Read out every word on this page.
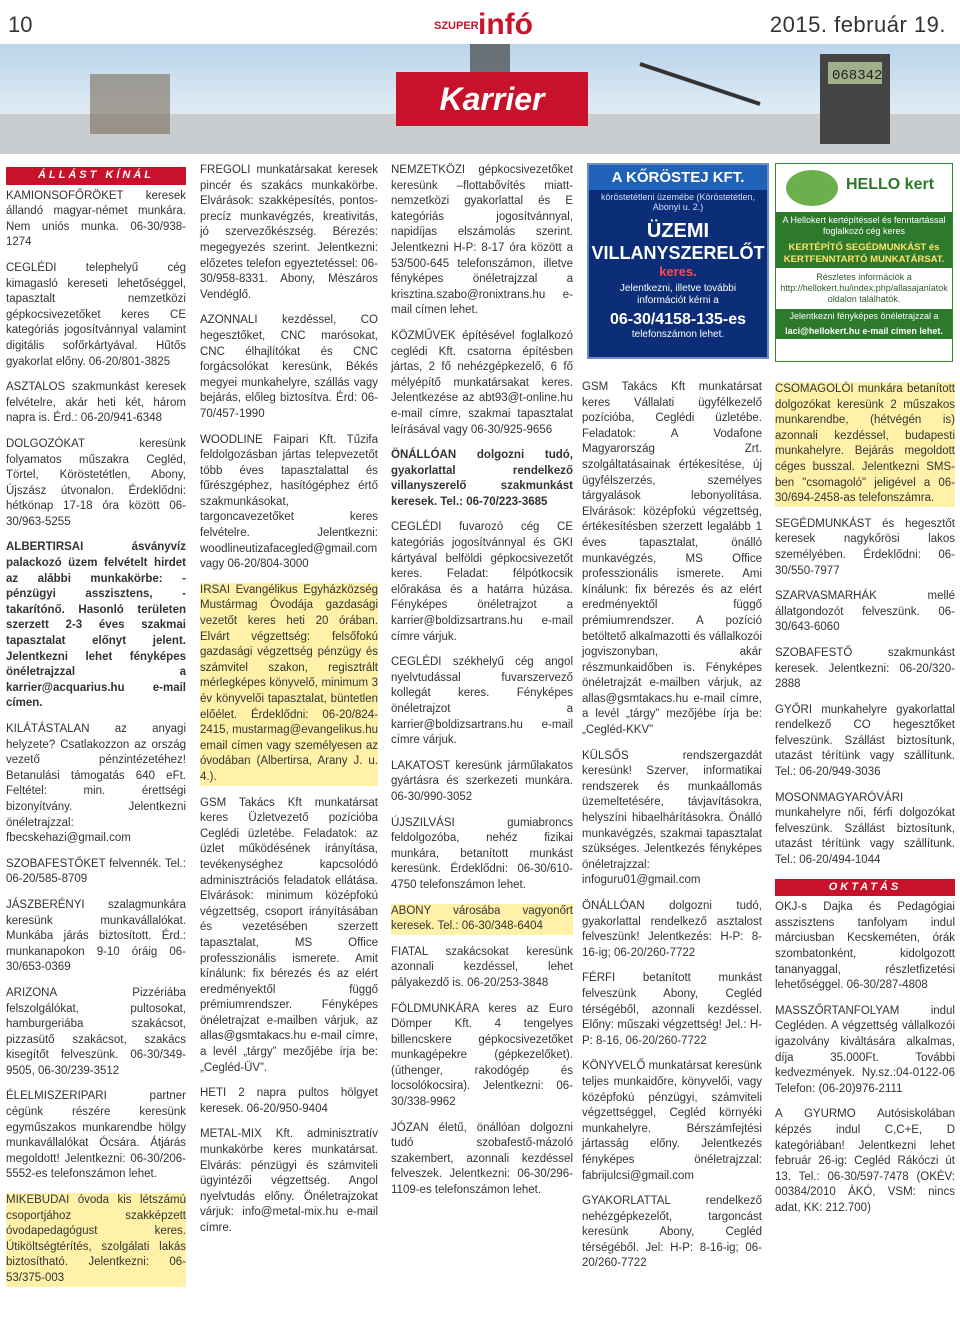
10	SZUPER infó	2015. február 19.
068342
Karrier
ÁLLÁST KÍNÁL

KAMIONSOFŐRÖKET keresek állandó magyar-német munkára. Nem uniós munka. 06-30/938-1274

CEGLÉDI telephelyű cég kimagasló kereseti lehetőséggel, tapasztalt nemzetközi gépkocsivezetőket keres CE kategóriás jogosítvánnyal valamint digitális sofőrkártyával. Hűtős gyakorlat előny. 06-20/801-3825

ASZTALOS szakmunkást keresek felvételre, akár heti két, három napra is. Érd.: 06-20/941-6348

DOLGOZÓKAT keresünk folyamatos műszakra Cegléd, Törtel, Köröstetétlen, Abony, Újszász útvonalon. Érdeklődni: hétkönap 17-18 óra között 06-30/963-5255

ALBERTIRSAI ásványvíz palackozó üzem felvételt hirdet az alábbi munkakörbe: -pénzügyi asszisztens, -takarítónő. Hasonló területen szerzett 2-3 éves szakmai tapasztalat előnyt jelent. Jelentkezni lehet fényképes önéletrajzzal a karrier@acquarius.hu e-mail címen.

KILÁTÁSTALAN az anyagi helyzete? Csatlakozzon az ország vezető pénzintézetéhez! Betanulási támogatás 640 eFt. Feltétel: min. érettségi bizonyítvány. Jelentkezni önéletrajzzal: fbecskehazi@gmail.com

SZOBAFESTŐKET felvennék. Tel.: 06-20/585-8709

JÁSZBERÉNYI szalagmunkára keresünk munkavállalókat. Munkába járás biztosított. Érd.: munkanapokon 9-10 óráig 06-30/653-0369

ARIZONA Pizzériába felszolgálókat, pultosokat, hamburgeriába szakácsot, pizzasütő szakácsot, szakács kisegítőt felveszünk. 06-30/349-9505, 06-30/239-3512

ÉLELMISZERIPARI partner cégünk részére keresünk egyműszakos munkarendbe hölgy munkavállalókat Ócsára. Átjárás megoldott! Jelentkezni: 06-30/206-5552-es telefonszámon lehet.

MIKEBUDAI óvoda kis létszámú csoportjához szakképzett óvodapedagógust keres. Útiköltségtérítés, szolgálati lakás biztosítható. Jelentkezni: 06-53/375-003

FREGOLI munkatársakat keresek pincér és szakács munkakörbe. Elvárások: szakképesítés, pontos- precíz munkavégzés, kreativitás, jó szervezőkészség. Bérezés: megegyezés szerint. Jelentkezni: előzetes telefon egyeztetéssel: 06-30/958-8331. Abony, Mészáros Vendéglő.

AZONNALI kezdéssel, CO hegesztőket, CNC marósokat, CNC élhajlítókat és CNC forgácsolókat keresünk, Békés megyei munkahelyre, szállás vagy bejárás, előleg biztosítva. Érd: 06-70/457-1990

WOODLINE Faipari Kft. Tűzifa feldolgozásban jártas telepvezetőt több éves tapasztalattal és fűrészgéphez, hasítógéphez értő szakmunkásokat, targoncavezetőket keres felvételre. Jelentkezni: woodlineutizafacegled@gmail.com vagy 06-20/804-3000

IRSAI Evangélikus Egyházközség Mustármag Óvodája gazdasági vezetőt keres heti 20 órában. Elvárt végzettség: felsőfokú gazdasági végzettség pénzügy és számvitel szakon, regisztrált mérlegképes könyvelő, minimum 3 év könyvelői tapasztalat, büntetlen előélet. Érdeklődni: 06-20/824-2415, mustarmag@evangelikus.hu email címen vagy személyesen az óvodában (Albertirsa, Arany J. u. 4.).

GSM Takács Kft munkatársat keres Üzletvezető pozícióba Ceglédi üzletébe. Feladatok: az üzlet működésének irányítása, tevékenységhez kapcsolódó adminisztrációs feladatok ellátása. Elvárások: minimum középfokú végzettség, csoport irányításában és vezetésében szerzett tapasztalat, MS Office professzionális ismerete. Amit kínálunk: fix bérezés és az elért eredményektől függő prémiumrendszer. Fényképes önéletrajzat e-mailben várjuk, az allas@gsmtakacs.hu e-mail címre, a levél „tárgy” mezőjébe írja be: „Cegléd-ÜV”.

HETI 2 napra pultos hölgyet keresek. 06-20/950-9404

METAL-MIX Kft. adminisztratív munkakörbe keres munkatársat. Elvárás: pénzügyi és számviteli ügyintézői végzettség. Angol nyelvtudás előny. Önéletrajzokat várjuk: info@metal-mix.hu e-mail címre.

NEMZETKÖZI gépkocsivezetőket keresünk –flottabővítés miatt- nemzetközi gyakorlattal és E kategóriás jogosítvánnyal, napidíjas elszámolás szerint. Jelentkezni H-P: 8-17 óra között a 53/500-645 telefonszámon, illetve fényképes önéletrajzzal a krisztina.szabo@ronixtrans.hu e-mail címen lehet.

KÖZMŰVEK építésével foglalkozó ceglédi Kft. csatorna építésben jártas, 2 fő nehézgépkezelő, 6 fő mélyépítő munkatársakat keres. Jelentkezése az abt93@t-online.hu e-mail címre, szakmai tapasztalat leírásával vagy 06-30/925-9656

ÖNÁLLÓAN dolgozni tudó, gyakorlattal rendelkező villanyszerelő szakmunkást keresek. Tel.: 06-70/223-3685

CEGLÉDI fuvarozó cég CE kategóriás jogosítvánnyal és GKI kártyával belföldi gépkocsivezetőt keres. Feladat: félpótkocsik előrakása és a határra húzása. Fényképes önéletrajzot a karrier@boldizsartrans.hu e-mail címre várjuk.

CEGLÉDI székhelyű cég angol nyelvtudással fuvarszervező kollegát keres. Fényképes önéletrajzot a karrier@boldizsartrans.hu e-mail címre várjuk.

LAKATOST keresünk járműlakatos gyártásra és szerkezeti munkára. 06-30/990-3052

ÚJSZILVÁSI gumiabroncs feldolgozóba, nehéz fizikai munkára, betanított munkást keresünk. Érdeklődni: 06-30/610-4750 telefonszámon lehet.

ABONY városába vagyonőrt keresek. Tel.: 06-30/348-6404

FIATAL szakácsokat keresünk azonnali kezdéssel, lehet pályakezdő is. 06-20/253-3848

FÖLDMUNKÁRA keres az Euro Dömper Kft. 4 tengelyes billencskere gépkocsivezetőket munkagépekre (gépkezelőket). (úthenger, rakodógép és locsolókocsira). Jelentkezni: 06-30/338-9962

JÓZAN életű, önállóan dolgozni tudó szobafestő-mázoló szakembert, azonnali kezdéssel felveszek. Jelentkezni: 06-30/296-1109-es telefonszámon lehet.

A KŐRÖSTEJ KFT.
köröstetétleni üzemébe (Köröstetétlen, Abonyi u. 2.)
ÜZEMI
VILLANYSZERELŐT
keres.
Jelentkezni, illetve további információt kérni a
06-30/4158-135-es
telefonszámon lehet.
HELLO kert
A Hellokert kertépítéssel és fenntartással foglalkozó cég keres
KERTÉPÍTŐ SEGÉDMUNKÁST és KERTFENNTARTÓ MUNKATÁRSAT.
Részletes információk a http://hellokert.hu/index.php/allasajanlatok oldalon találhatók.
Jelentkezni fényképes önéletrajzzal a
laci@hellokert.hu e-mail címen lehet.

GSM Takács Kft munkatársat keres Vállalati ügyfélkezelő pozícióba, Ceglédi üzletébe. Feladatok: A Vodafone Magyarország Zrt. szolgáltatásainak értékesítése, új ügyfélszerzés, személyes tárgyalások lebonyolítása. Elvárások: középfokú végzettség, értékesítésben szerzett legalább 1 éves tapasztalat, önálló munkavégzés, MS Office professzionális ismerete. Ami kínálunk: fix bérezés és az elért eredményektől függő prémiumrendszer. A pozíció betöltető alkalmazotti és vállalkozói jogviszonyban, akár részmunkaidőben is. Fényképes önéletrajzát e-mailben várjuk, az allas@gsmtakacs.hu e-mail címre, a levél „tárgy” mezőjébe írja be: „Cegléd-KKV”

KÜLSŐS rendszergazdát keresünk! Szerver, informatikai rendszerek és munkaállomás üzemeltetésére, távjavításokra, helyszíni hibaelhárításokra. Önálló munkavégzés, szakmai tapasztalat szükséges. Jelentkezés fényképes önéletrajzzal: infoguru01@gmail.com

ÖNÁLLÓAN dolgozni tudó, gyakorlattal rendelkező asztalost felveszünk! Jelentkezés: H-P: 8-16-ig; 06-20/260-7722

FÉRFI betanított munkást felveszünk Abony, Cegléd térségéből, azonnali kezdéssel. Előny: műszaki végzettség! Jel.: H-P: 8-16, 06-20/260-7722

KÖNYVELŐ munkatársat keresünk teljes munkaidőre, könyvelői, vagy középfokú pénzügyi, számviteli végzettséggel, Cegléd környéki munkahelyre. Bérszámfejtési jártasság előny. Jelentkezés fényképes önéletrajzzal: fabrijulcsi@gmail.com

GYAKORLATTAL rendelkező nehézgépkezelőt, targoncást keresünk Abony, Cegléd térségéből. Jel: H-P: 8-16-ig; 06-20/260-7722

CSOMAGOLÓI munkára betanított dolgozókat keresünk 2 műszakos munkarendbe, (hétvégén is) azonnali kezdéssel, budapesti munkahelyre. Bejárás megoldott céges busszal. Jelentkezni SMS-ben "csomagoló" jeligével a 06-30/694-2458-as telefonszámra.

SEGÉDMUNKÁST és hegesztőt keresek nagykőrösi lakos személyében. Érdeklődni: 06-30/550-7977

SZARVASMARHÁK mellé állatgondozót felveszünk. 06-30/643-6060

SZOBAFESTŐ szakmunkást keresek. Jelentkezni: 06-20/320-2888

GYŐRI munkahelyre gyakorlattal rendelkező CO hegesztőket felveszünk. Szállást biztosítunk, utazást térítünk vagy szállítunk. Tel.: 06-20/949-3036

MOSONMAGYARÓVÁRI munkahelyre női, férfi dolgozókat felveszünk. Szállást biztosítunk, utazást térítünk vagy szállítunk. Tel.: 06-20/494-1044

OKTATÁS

OKJ-s Dajka és Pedagógiai asszisztens tanfolyam indul márciusban Kecskeméten, órák szombatonként, kidolgozott tananyaggal, részletfizetési lehetőséggel. 06-30/287-4808

MASSZŐRTANFOLYAM indul Cegléden. A végzettség vállalkozói igazolvány kiváltására alkalmas, díja 35.000Ft. További kedvezmények. Ny.sz.:04-0122-06 Telefon: (06-20)976-2111

A GYURMO Autósiskolában képzés indul C,C+E, D kategóriában! Jelentkezni lehet február 26-ig: Cegléd Rákóczi út 13. Tel.: 06-30/597-7478 (OKÉV: 00384/2010 ÁKÓ, VSM: nincs adat, KK: 212.700)
